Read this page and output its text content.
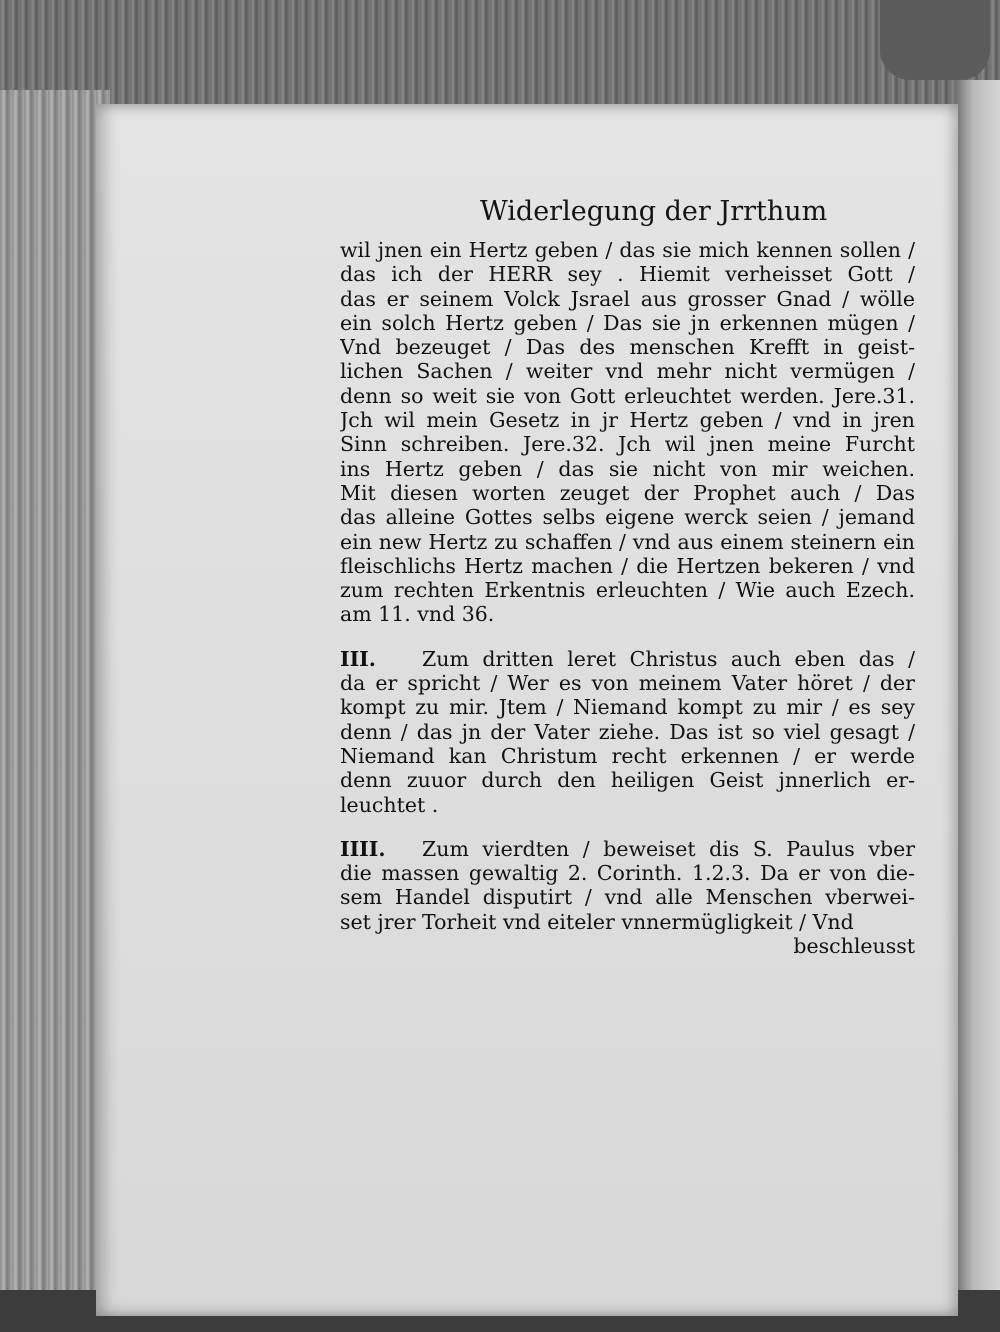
Widerlegung der Jrrthum
wil jnen ein Hertz geben / das sie mich kennen sollen /
das ich der HERR sey . Hiemit verheisset Gott /
das er seinem Volck Jsrael aus grosser Gnad / wölle
ein solch Hertz geben / Das sie jn erkennen mügen /
Vnd bezeuget / Das des menschen Krefft in geist-
lichen Sachen / weiter vnd mehr nicht vermügen /
denn so weit sie von Gott erleuchtet werden. Jere.31.
Jch wil mein Gesetz in jr Hertz geben / vnd in jren
Sinn schreiben. Jere.32. Jch wil jnen meine Furcht
ins Hertz geben / das sie nicht von mir weichen.
Mit diesen worten zeuget der Prophet auch / Das
das alleine Gottes selbs eigene werck seien / jemand
ein new Hertz zu schaffen / vnd aus einem steinern ein
fleischlichs Hertz machen / die Hertzen bekeren / vnd
zum rechten Erkentnis erleuchten / Wie auch Ezech.
am 11. vnd 36.
III. Zum dritten leret Christus auch eben das /
da er spricht / Wer es von meinem Vater höret / der
kompt zu mir. Jtem / Niemand kompt zu mir / es sey
denn / das jn der Vater ziehe. Das ist so viel gesagt /
Niemand kan Christum recht erkennen / er werde
denn zuuor durch den heiligen Geist jnnerlich er-
leuchtet .
IIII. Zum vierdten / beweiset dis S. Paulus vber
die massen gewaltig 2. Corinth. 1.2.3. Da er von die-
sem Handel disputirt / vnd alle Menschen vberwei-
set jrer Torheit vnd eiteler vnnermügligkeit / Vnd
beschleusst
